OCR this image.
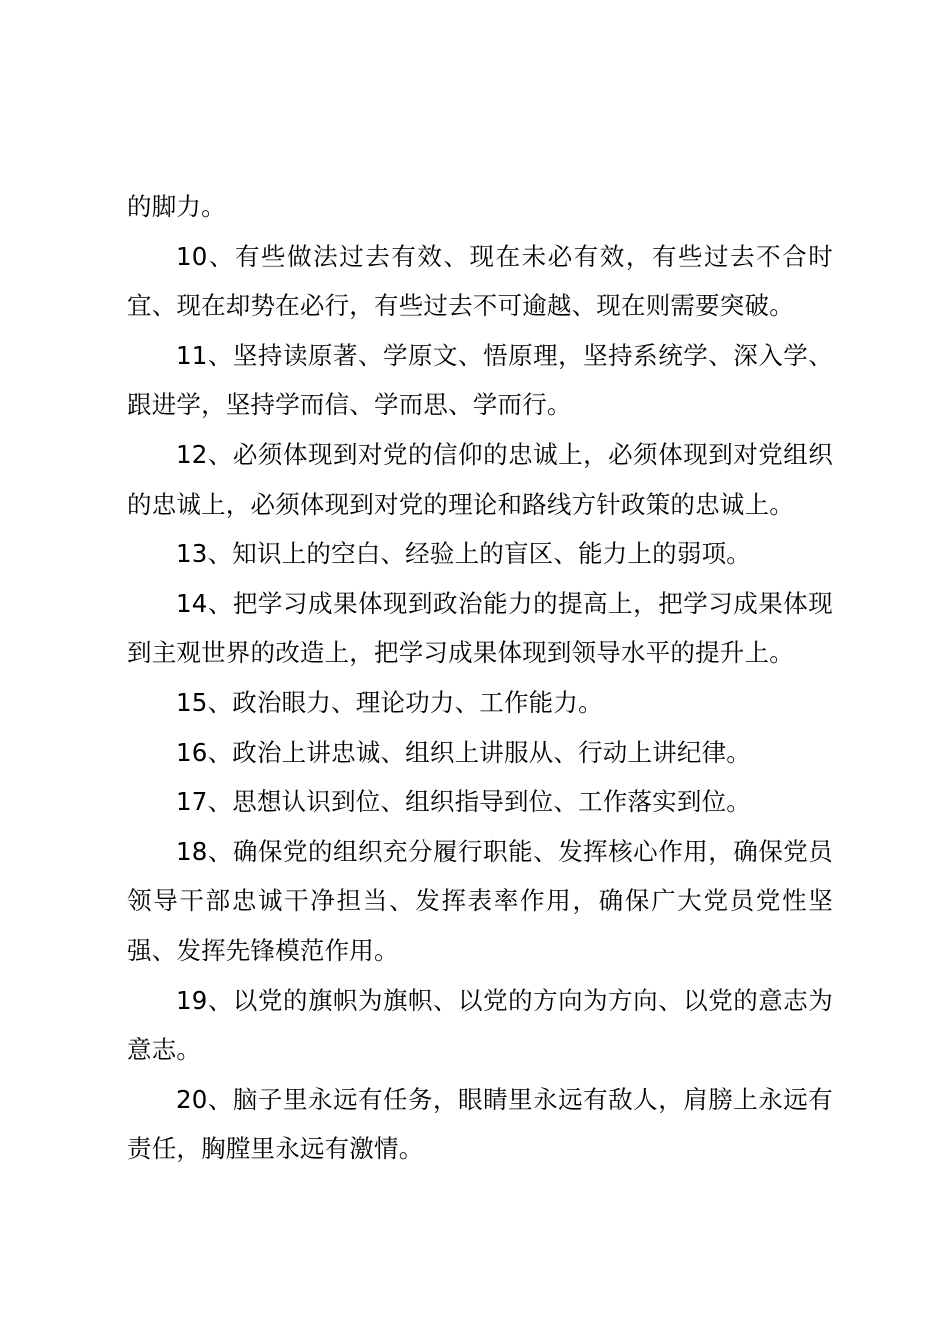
的脚力。

10、有些做法过去有效、现在未必有效，有些过去不合时宜、现在却势在必行，有些过去不可逾越、现在则需要突破。

11、坚持读原著、学原文、悟原理，坚持系统学、深入学、跟进学，坚持学而信、学而思、学而行。

12、必须体现到对党的信仰的忠诚上，必须体现到对党组织的忠诚上，必须体现到对党的理论和路线方针政策的忠诚上。

13、知识上的空白、经验上的盲区、能力上的弱项。

14、把学习成果体现到政治能力的提高上，把学习成果体现到主观世界的改造上，把学习成果体现到领导水平的提升上。

15、政治眼力、理论功力、工作能力。

16、政治上讲忠诚、组织上讲服从、行动上讲纪律。

17、思想认识到位、组织指导到位、工作落实到位。

18、确保党的组织充分履行职能、发挥核心作用，确保党员领导干部忠诚干净担当、发挥表率作用，确保广大党员党性坚强、发挥先锋模范作用。

19、以党的旗帜为旗帜、以党的方向为方向、以党的意志为意志。

20、脑子里永远有任务，眼睛里永远有敌人，肩膀上永远有责任，胸膛里永远有激情。
